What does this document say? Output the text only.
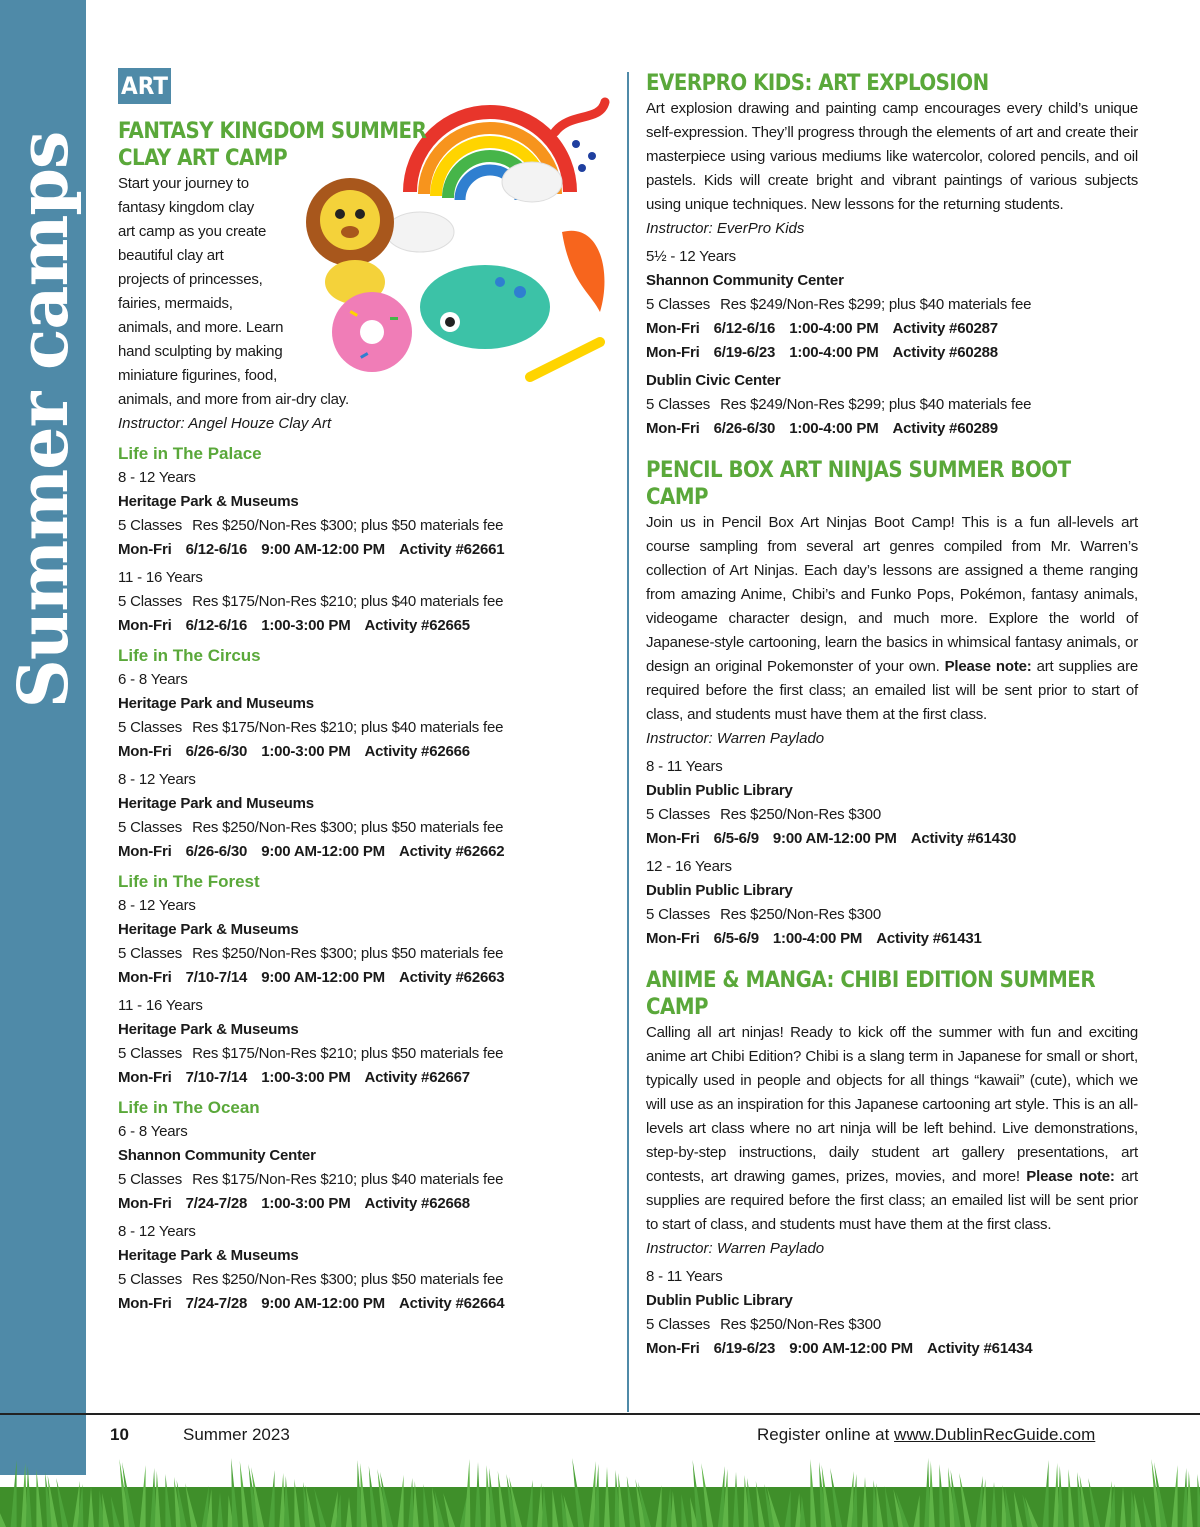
Summer camps
ART
FANTASY KINGDOM SUMMER CLAY ART CAMP

Start your journey to

fantasy kingdom clay

art camp as you create

beautiful clay art

projects of princesses,

fairies, mermaids,

animals, and more. Learn

hand sculpting by making

miniature figurines, food,

animals, and more from air-dry clay.

Instructor: Angel Houze Clay Art

Life in The Palace

8 - 12 Years

Heritage Park & Museums

5 Classes Res $250/Non-Res $300; plus $50 materials fee

Mon-Fri 6/12-6/16 9:00 AM-12:00 PM Activity #62661

11 - 16 Years

5 Classes Res $175/Non-Res $210; plus $40 materials fee

Mon-Fri 6/12-6/16 1:00-3:00 PM Activity #62665

Life in The Circus

6 - 8 Years

Heritage Park and Museums

5 Classes Res $175/Non-Res $210; plus $40 materials fee

Mon-Fri 6/26-6/30 1:00-3:00 PM Activity #62666

8 - 12 Years

Heritage Park and Museums

5 Classes Res $250/Non-Res $300; plus $50 materials fee

Mon-Fri 6/26-6/30 9:00 AM-12:00 PM Activity #62662

Life in The Forest

8 - 12 Years

Heritage Park & Museums

5 Classes Res $250/Non-Res $300; plus $50 materials fee

Mon-Fri 7/10-7/14 9:00 AM-12:00 PM Activity #62663

11 - 16 Years

Heritage Park & Museums

5 Classes Res $175/Non-Res $210; plus $50 materials fee

Mon-Fri 7/10-7/14 1:00-3:00 PM Activity #62667

Life in The Ocean

6 - 8 Years

Shannon Community Center

5 Classes Res $175/Non-Res $210; plus $40 materials fee

Mon-Fri 7/24-7/28 1:00-3:00 PM Activity #62668

8 - 12 Years

Heritage Park & Museums

5 Classes Res $250/Non-Res $300; plus $50 materials fee

Mon-Fri 7/24-7/28 9:00 AM-12:00 PM Activity #62664

EVERPRO KIDS: ART EXPLOSION

Art explosion drawing and painting camp encourages every child’s unique self-expression. They’ll progress through the elements of art and create their masterpiece using various mediums like watercolor, colored pencils, and oil pastels. Kids will create bright and vibrant paintings of various subjects using unique techniques. New lessons for the returning students.

Instructor: EverPro Kids

5½ - 12 Years

Shannon Community Center

5 Classes Res $249/Non-Res $299; plus $40 materials fee

Mon-Fri 6/12-6/16 1:00-4:00 PM Activity #60287

Mon-Fri 6/19-6/23 1:00-4:00 PM Activity #60288

Dublin Civic Center

5 Classes Res $249/Non-Res $299; plus $40 materials fee

Mon-Fri 6/26-6/30 1:00-4:00 PM Activity #60289

PENCIL BOX ART NINJAS SUMMER BOOT CAMP

Join us in Pencil Box Art Ninjas Boot Camp! This is a fun all-levels art course sampling from several art genres compiled from Mr. Warren’s collection of Art Ninjas. Each day’s lessons are assigned a theme ranging from amazing Anime, Chibi’s and Funko Pops, Pokémon, fantasy animals, videogame character design, and much more. Explore the world of Japanese-style cartooning, learn the basics in whimsical fantasy animals, or design an original Pokemonster of your own. Please note: art supplies are required before the first class; an emailed list will be sent prior to start of class, and students must have them at the first class.

Instructor: Warren Paylado

8 - 11 Years

Dublin Public Library

5 Classes Res $250/Non-Res $300

Mon-Fri 6/5-6/9 9:00 AM-12:00 PM Activity #61430

12 - 16 Years

Dublin Public Library

5 Classes Res $250/Non-Res $300

Mon-Fri 6/5-6/9 1:00-4:00 PM Activity #61431

ANIME & MANGA: CHIBI EDITION SUMMER CAMP

Calling all art ninjas! Ready to kick off the summer with fun and exciting anime art Chibi Edition? Chibi is a slang term in Japanese for small or short, typically used in people and objects for all things “kawaii” (cute), which we will use as an inspiration for this Japanese cartooning art style. This is an all-levels art class where no art ninja will be left behind. Live demonstrations, step-by-step instructions, daily student art gallery presentations, art contests, art drawing games, prizes, movies, and more! Please note: art supplies are required before the first class; an emailed list will be sent prior to start of class, and students must have them at the first class.

Instructor: Warren Paylado

8 - 11 Years

Dublin Public Library

5 Classes Res $250/Non-Res $300

Mon-Fri 6/19-6/23 9:00 AM-12:00 PM Activity #61434

10	Summer 2023	Register online at www.DublinRecGuide.com
